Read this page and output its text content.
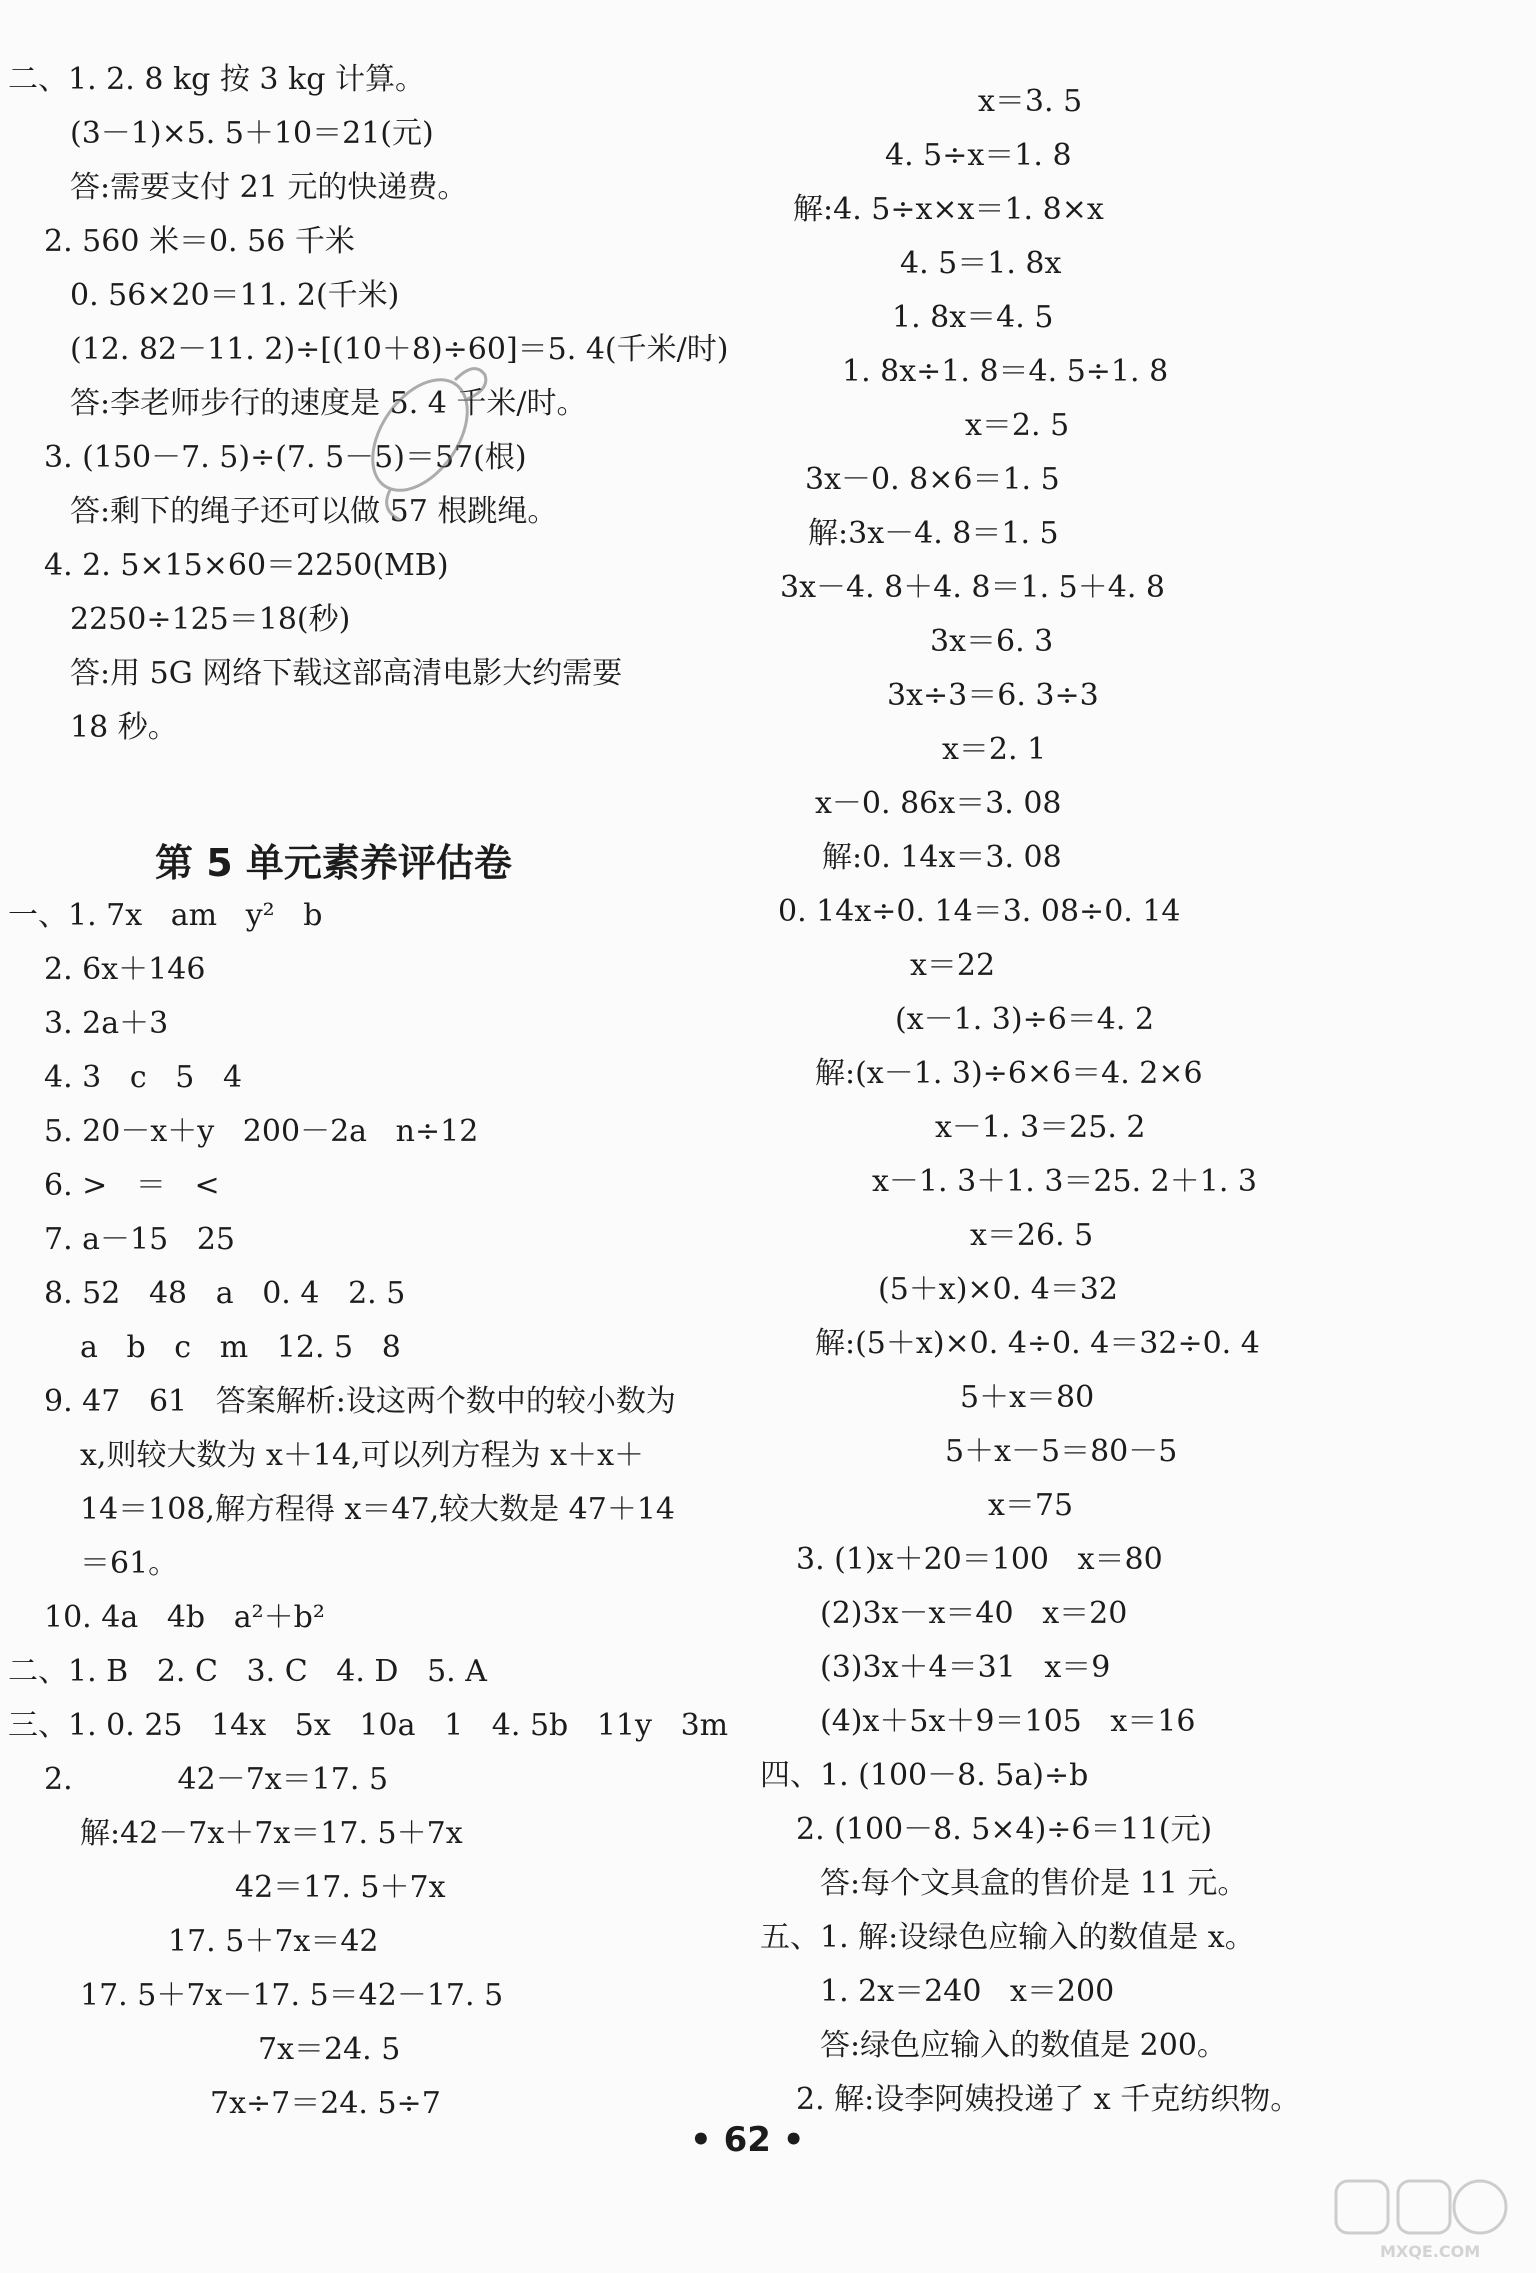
二、1. 2. 8 kg 按 3 kg 计算。
(3－1)×5. 5＋10＝21(元)
答:需要支付 21 元的快递费。
2. 560 米＝0. 56 千米
0. 56×20＝11. 2(千米)
(12. 82－11. 2)÷[(10＋8)÷60]＝5. 4(千米/时)
答:李老师步行的速度是 5. 4 千米/时。
3. (150－7. 5)÷(7. 5－5)＝57(根)
答:剩下的绳子还可以做 57 根跳绳。
4. 2. 5×15×60＝2250(MB)
2250÷125＝18(秒)
答:用 5G 网络下载这部高清电影大约需要
18 秒。
第 5 单元素养评估卷
一、1. 7x   am   y²   b
2. 6x＋146
3. 2a＋3
4. 3   c   5   4
5. 20－x＋y   200－2a   n÷12
6. >   ＝   <
7. a－15   25
8. 52   48   a   0. 4   2. 5
a   b   c   m   12. 5   8
9. 47   61   答案解析:设这两个数中的较小数为
x,则较大数为 x＋14,可以列方程为 x＋x＋
14＝108,解方程得 x＝47,较大数是 47＋14
＝61。
10. 4a   4b   a²＋b²
二、1. B   2. C   3. C   4. D   5. A
三、1. 0. 25   14x   5x   10a   1   4. 5b   11y   3m
2.           42－7x＝17. 5
解:42－7x＋7x＝17. 5＋7x
42＝17. 5＋7x
17. 5＋7x＝42
17. 5＋7x－17. 5＝42－17. 5
7x＝24. 5
7x÷7＝24. 5÷7
x＝3. 5
4. 5÷x＝1. 8
解:4. 5÷x×x＝1. 8×x
4. 5＝1. 8x
1. 8x＝4. 5
1. 8x÷1. 8＝4. 5÷1. 8
x＝2. 5
3x－0. 8×6＝1. 5
解:3x－4. 8＝1. 5
3x－4. 8＋4. 8＝1. 5＋4. 8
3x＝6. 3
3x÷3＝6. 3÷3
x＝2. 1
x－0. 86x＝3. 08
解:0. 14x＝3. 08
0. 14x÷0. 14＝3. 08÷0. 14
x＝22
(x－1. 3)÷6＝4. 2
解:(x－1. 3)÷6×6＝4. 2×6
x－1. 3＝25. 2
x－1. 3＋1. 3＝25. 2＋1. 3
x＝26. 5
(5＋x)×0. 4＝32
解:(5＋x)×0. 4÷0. 4＝32÷0. 4
5＋x＝80
5＋x－5＝80－5
x＝75
3. (1)x＋20＝100   x＝80
(2)3x－x＝40   x＝20
(3)3x＋4＝31   x＝9
(4)x＋5x＋9＝105   x＝16
四、1. (100－8. 5a)÷b
2. (100－8. 5×4)÷6＝11(元)
答:每个文具盒的售价是 11 元。
五、1. 解:设绿色应输入的数值是 x。
1. 2x＝240   x＝200
答:绿色应输入的数值是 200。
2. 解:设李阿姨投递了 x 千克纺织物。
• 62 •
MXQE.COM
